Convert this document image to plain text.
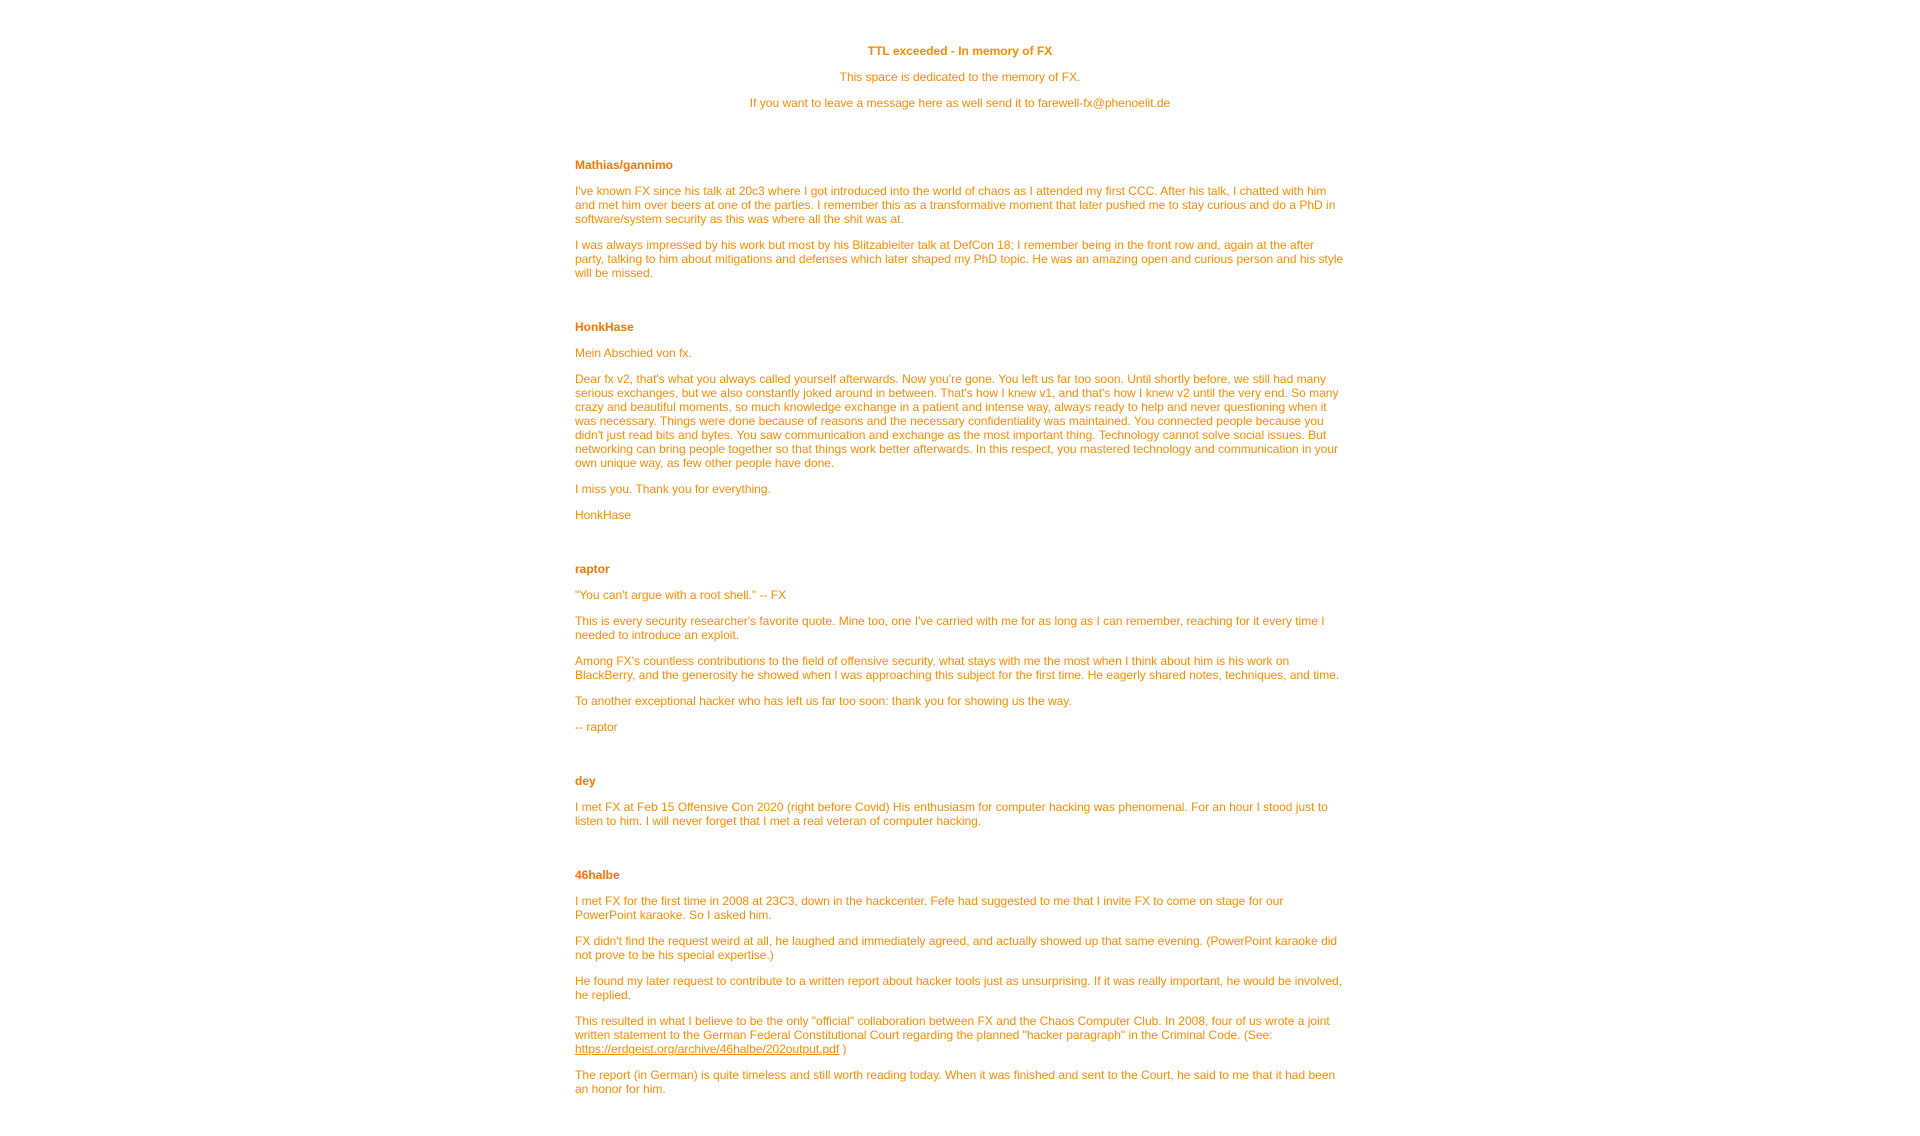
TTL exceeded - In memory of FX

This space is dedicated to the memory of FX.

If you want to leave a message here as well send it to farewell-fx@phenoelit.de

Mathias/gannimo

I've known FX since his talk at 20c3 where I got introduced into the world of chaos as I attended my first CCC. After his talk, I chatted with him and met him over beers at one of the parties. I remember this as a transformative moment that later pushed me to stay curious and do a PhD in software/system security as this was where all the shit was at.

I was always impressed by his work but most by his Blitzableiter talk at DefCon 18; I remember being in the front row and, again at the after party, talking to him about mitigations and defenses which later shaped my PhD topic. He was an amazing open and curious person and his style will be missed.

HonkHase

Mein Abschied von fx.

Dear fx v2, that's what you always called yourself afterwards. Now you're gone. You left us far too soon. Until shortly before, we still had many serious exchanges, but we also constantly joked around in between. That's how I knew v1, and that's how I knew v2 until the very end. So many crazy and beautiful moments, so much knowledge exchange in a patient and intense way, always ready to help and never questioning when it was necessary. Things were done because of reasons and the necessary confidentiality was maintained. You connected people because you didn't just read bits and bytes. You saw communication and exchange as the most important thing. Technology cannot solve social issues. But networking can bring people together so that things work better afterwards. In this respect, you mastered technology and communication in your own unique way, as few other people have done.

I miss you. Thank you for everything.

HonkHase

raptor

"You can't argue with a root shell." -- FX

This is every security researcher's favorite quote. Mine too, one I've carried with me for as long as I can remember, reaching for it every time I needed to introduce an exploit.

Among FX's countless contributions to the field of offensive security, what stays with me the most when I think about him is his work on BlackBerry, and the generosity he showed when I was approaching this subject for the first time. He eagerly shared notes, techniques, and time.

To another exceptional hacker who has left us far too soon: thank you for showing us the way.

-- raptor

dey

I met FX at Feb 15 Offensive Con 2020 (right before Covid) His enthusiasm for computer hacking was phenomenal. For an hour I stood just to listen to him. I will never forget that I met a real veteran of computer hacking.

46halbe

I met FX for the first time in 2008 at 23C3, down in the hackcenter. Fefe had suggested to me that I invite FX to come on stage for our PowerPoint karaoke. So I asked him.

FX didn't find the request weird at all, he laughed and immediately agreed, and actually showed up that same evening. (PowerPoint karaoke did not prove to be his special expertise.)

He found my later request to contribute to a written report about hacker tools just as unsurprising. If it was really important, he would be involved, he replied.

This resulted in what I believe to be the only "official" collaboration between FX and the Chaos Computer Club. In 2008, four of us wrote a joint written statement to the German Federal Constitutional Court regarding the planned "hacker paragraph" in the Criminal Code. (See: https://erdgeist.org/archive/46halbe/202output.pdf )

The report (in German) is quite timeless and still worth reading today. When it was finished and sent to the Court, he said to me that it had been an honor for him.
